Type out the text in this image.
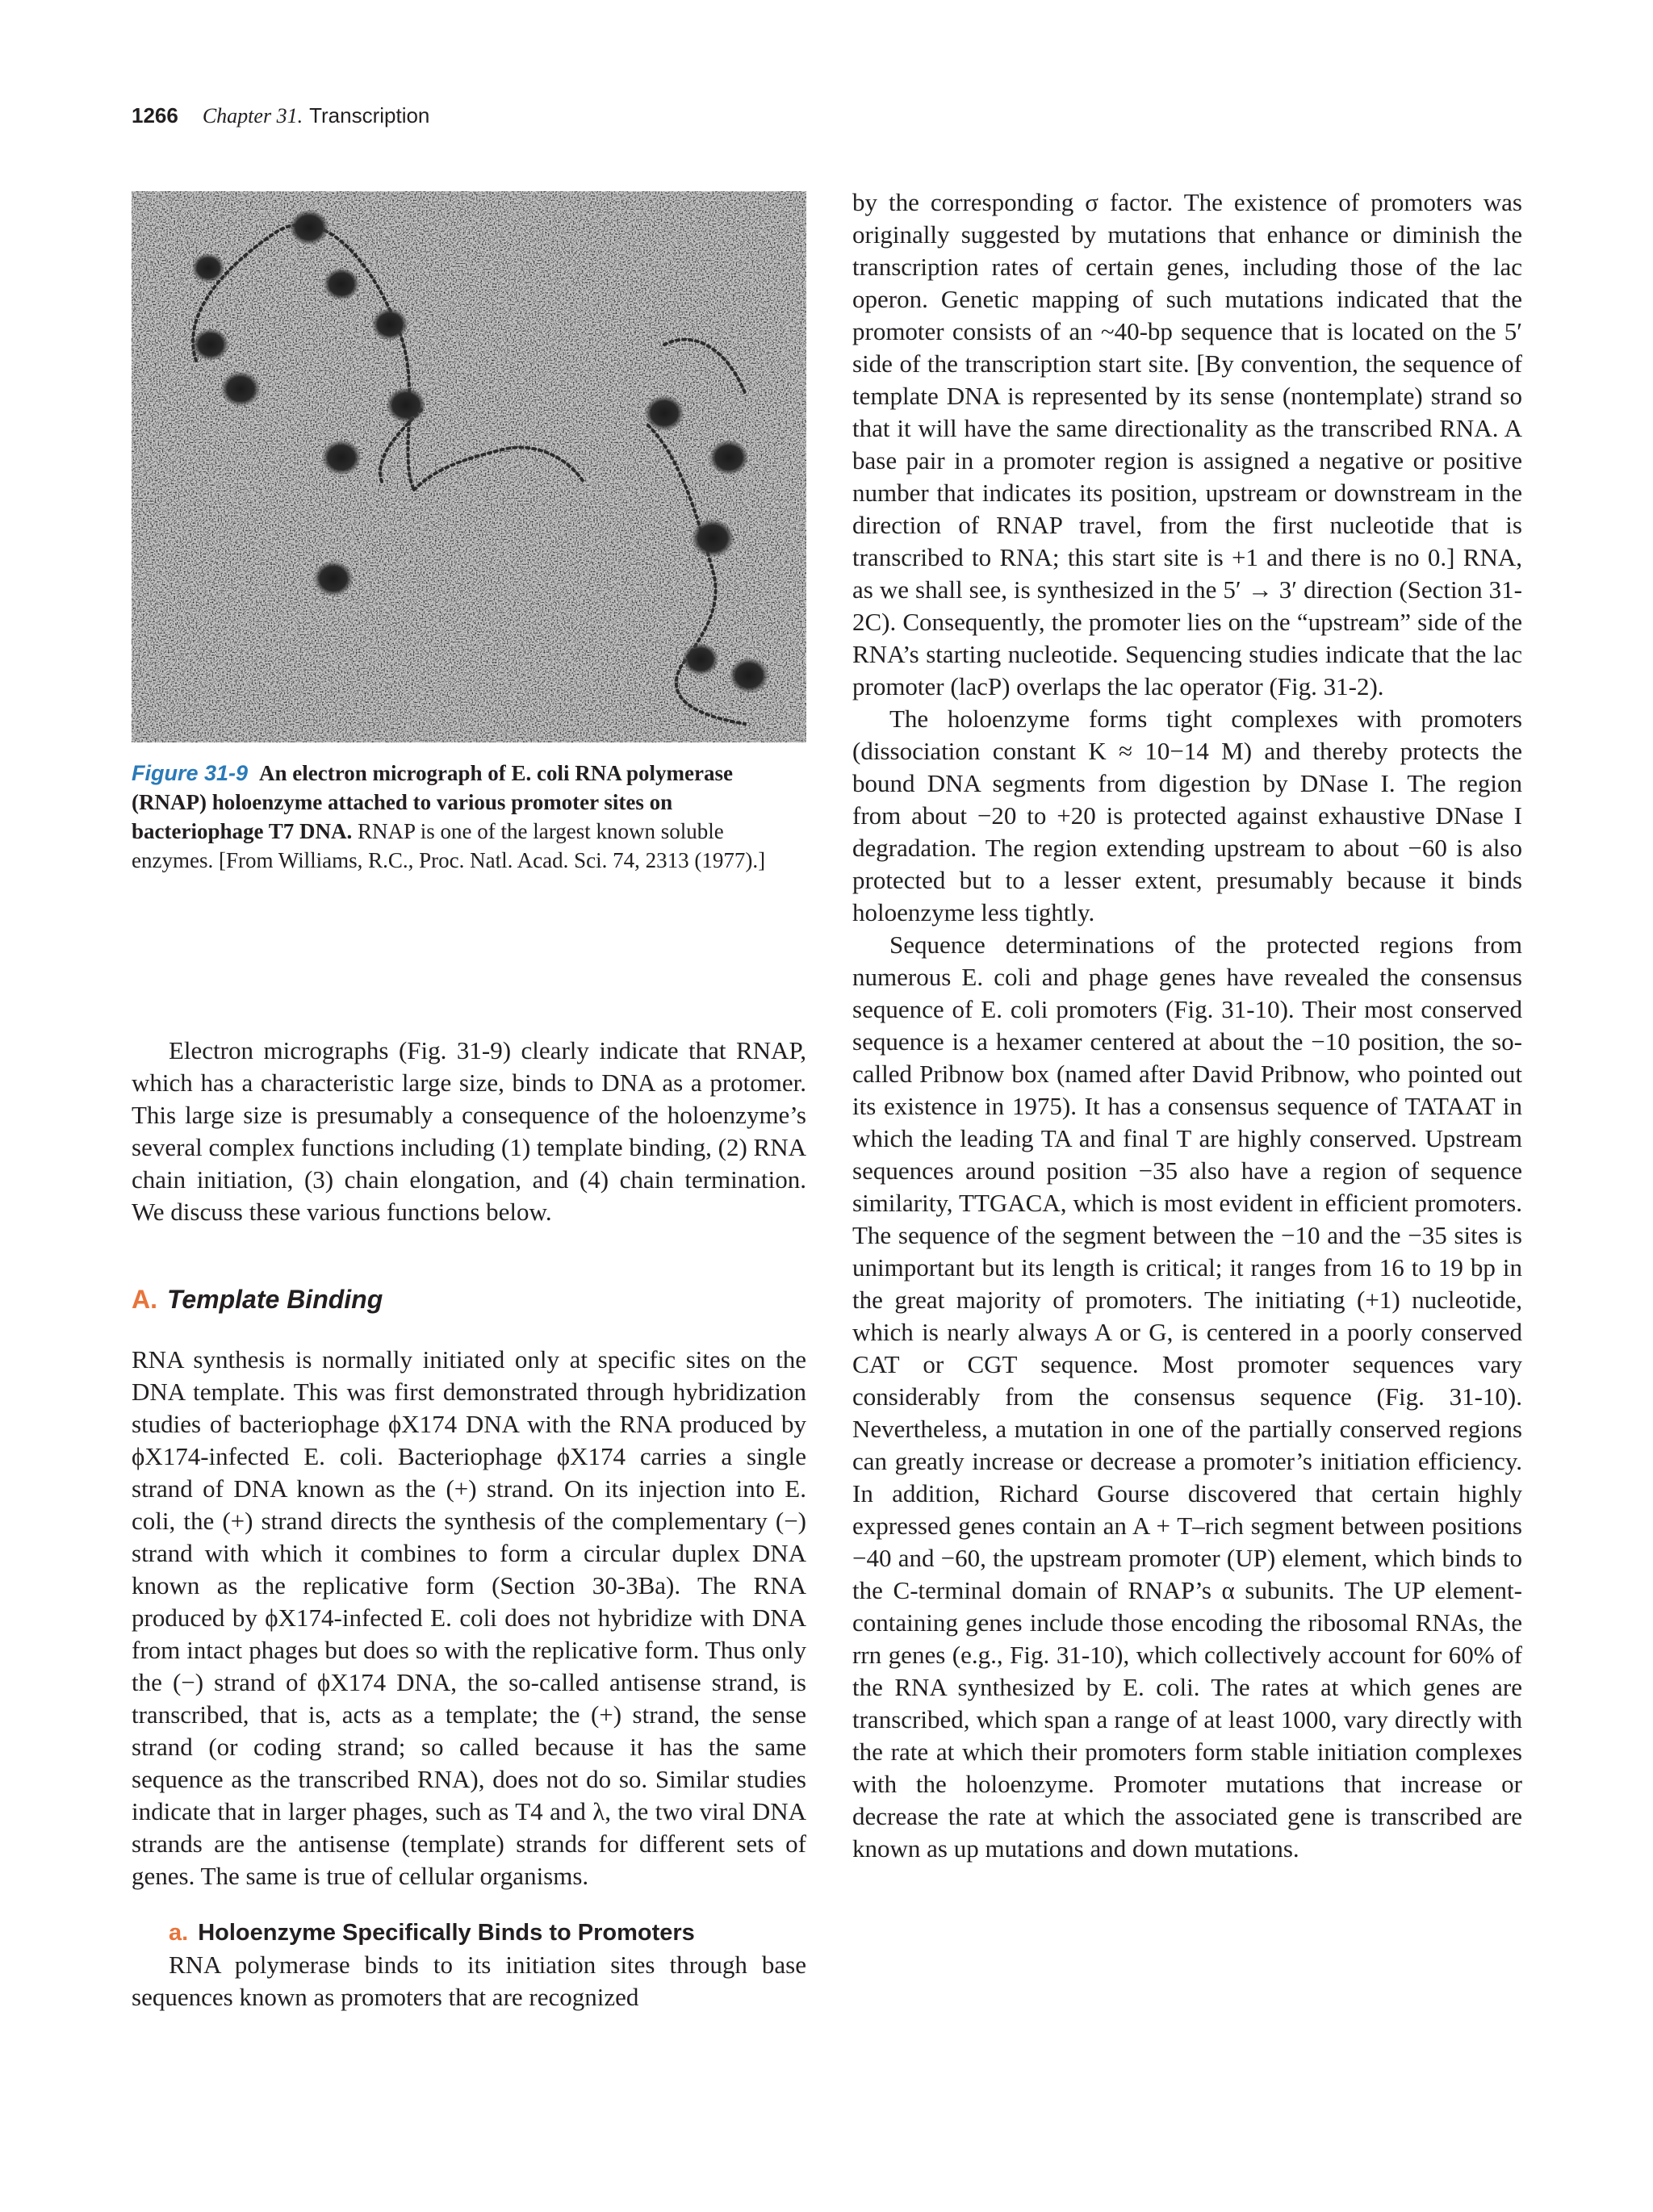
1266 Chapter 31. Transcription
Figure 31-9 An electron micrograph of E. coli RNA polymerase (RNAP) holoenzyme attached to various promoter sites on bacteriophage T7 DNA. RNAP is one of the largest known soluble enzymes. [From Williams, R.C., Proc. Natl. Acad. Sci. 74, 2313 (1977).]

Electron micrographs (Fig. 31-9) clearly indicate that RNAP, which has a characteristic large size, binds to DNA as a protomer. This large size is presumably a consequence of the holoenzyme’s several complex functions including (1) template binding, (2) RNA chain initiation, (3) chain elongation, and (4) chain termination. We discuss these various functions below.

A. Template Binding

RNA synthesis is normally initiated only at specific sites on the DNA template. This was first demonstrated through hybridization studies of bacteriophage ϕX174 DNA with the RNA produced by ϕX174-infected E. coli. Bacteriophage ϕX174 carries a single strand of DNA known as the (+) strand. On its injection into E. coli, the (+) strand directs the synthesis of the complementary (−) strand with which it combines to form a circular duplex DNA known as the replicative form (Section 30-3Ba). The RNA produced by ϕX174-infected E. coli does not hybridize with DNA from intact phages but does so with the replicative form. Thus only the (−) strand of ϕX174 DNA, the so-called antisense strand, is transcribed, that is, acts as a template; the (+) strand, the sense strand (or coding strand; so called because it has the same sequence as the transcribed RNA), does not do so. Similar studies indicate that in larger phages, such as T4 and λ, the two viral DNA strands are the antisense (template) strands for different sets of genes. The same is true of cellular organisms.

a. Holoenzyme Specifically Binds to Promoters

RNA polymerase binds to its initiation sites through base sequences known as promoters that are recognized

by the corresponding σ factor. The existence of promoters was originally suggested by mutations that enhance or diminish the transcription rates of certain genes, including those of the lac operon. Genetic mapping of such mutations indicated that the promoter consists of an ~40-bp sequence that is located on the 5′ side of the transcription start site. [By convention, the sequence of template DNA is represented by its sense (nontemplate) strand so that it will have the same directionality as the transcribed RNA. A base pair in a promoter region is assigned a negative or positive number that indicates its position, upstream or downstream in the direction of RNAP travel, from the first nucleotide that is transcribed to RNA; this start site is +1 and there is no 0.] RNA, as we shall see, is synthesized in the 5′ → 3′ direction (Section 31-2C). Consequently, the promoter lies on the “upstream” side of the RNA’s starting nucleotide. Sequencing studies indicate that the lac promoter (lacP) overlaps the lac operator (Fig. 31-2).

The holoenzyme forms tight complexes with promoters (dissociation constant K ≈ 10−14 M) and thereby protects the bound DNA segments from digestion by DNase I. The region from about −20 to +20 is protected against exhaustive DNase I degradation. The region extending upstream to about −60 is also protected but to a lesser extent, presumably because it binds holoenzyme less tightly.

Sequence determinations of the protected regions from numerous E. coli and phage genes have revealed the consensus sequence of E. coli promoters (Fig. 31-10). Their most conserved sequence is a hexamer centered at about the −10 position, the so-called Pribnow box (named after David Pribnow, who pointed out its existence in 1975). It has a consensus sequence of TATAAT in which the leading TA and final T are highly conserved. Upstream sequences around position −35 also have a region of sequence similarity, TTGACA, which is most evident in efficient promoters. The sequence of the segment between the −10 and the −35 sites is unimportant but its length is critical; it ranges from 16 to 19 bp in the great majority of promoters. The initiating (+1) nucleotide, which is nearly always A or G, is centered in a poorly conserved CAT or CGT sequence. Most promoter sequences vary considerably from the consensus sequence (Fig. 31-10). Nevertheless, a mutation in one of the partially conserved regions can greatly increase or decrease a promoter’s initiation efficiency. In addition, Richard Gourse discovered that certain highly expressed genes contain an A + T–rich segment between positions −40 and −60, the upstream promoter (UP) element, which binds to the C-terminal domain of RNAP’s α subunits. The UP element-containing genes include those encoding the ribosomal RNAs, the rrn genes (e.g., Fig. 31-10), which collectively account for 60% of the RNA synthesized by E. coli. The rates at which genes are transcribed, which span a range of at least 1000, vary directly with the rate at which their promoters form stable initiation complexes with the holoenzyme. Promoter mutations that increase or decrease the rate at which the associated gene is transcribed are known as up mutations and down mutations.
